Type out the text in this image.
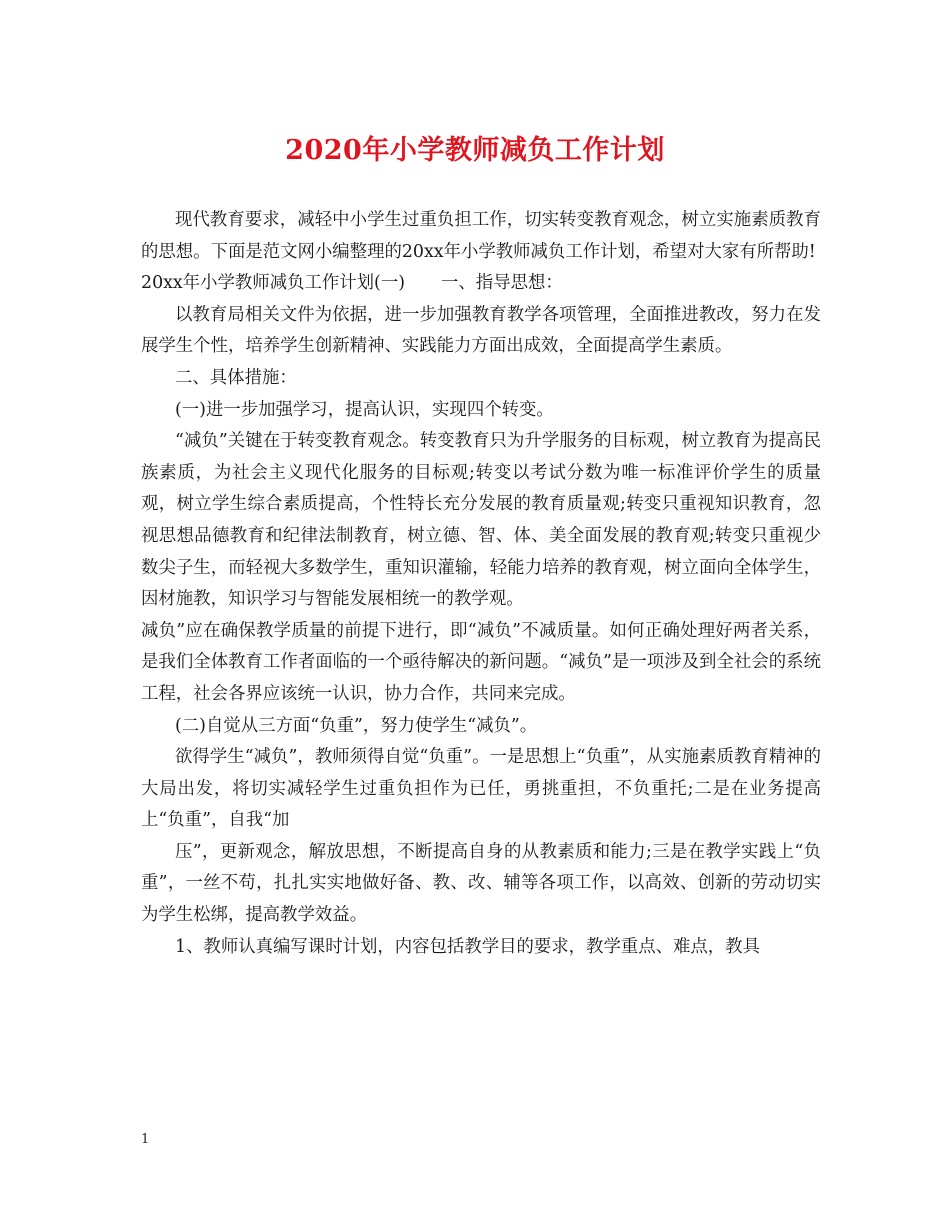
2020年小学教师减负工作计划

现代教育要求，减轻中小学生过重负担工作，切实转变教育观念，树立实施素质教育的思想。下面是范文网小编整理的20xx年小学教师减负工作计划，希望对大家有所帮助!

20xx年小学教师减负工作计划(一) 一、指导思想：

以教育局相关文件为依据，进一步加强教育教学各项管理，全面推进教改，努力在发展学生个性，培养学生创新精神、实践能力方面出成效，全面提高学生素质。

二、具体措施：

(一)进一步加强学习，提高认识，实现四个转变。

“减负”关键在于转变教育观念。转变教育只为升学服务的目标观，树立教育为提高民族素质，为社会主义现代化服务的目标观;转变以考试分数为唯一标准评价学生的质量观，树立学生综合素质提高，个性特长充分发展的教育质量观;转变只重视知识教育，忽视思想品德教育和纪律法制教育，树立德、智、体、美全面发展的教育观;转变只重视少数尖子生，而轻视大多数学生，重知识灌输，轻能力培养的教育观，树立面向全体学生，因材施教，知识学习与智能发展相统一的教学观。

减负”应在确保教学质量的前提下进行，即“减负”不减质量。如何正确处理好两者关系，是我们全体教育工作者面临的一个亟待解决的新问题。“减负”是一项涉及到全社会的系统工程，社会各界应该统一认识，协力合作，共同来完成。

(二)自觉从三方面“负重”，努力使学生“减负”。

欲得学生“减负”，教师须得自觉“负重”。一是思想上“负重”，从实施素质教育精神的大局出发，将切实减轻学生过重负担作为已任，勇挑重担，不负重托;二是在业务提高上“负重”，自我“加

压”，更新观念，解放思想，不断提高自身的从教素质和能力;三是在教学实践上“负重”，一丝不苟，扎扎实实地做好备、教、改、辅等各项工作，以高效、创新的劳动切实为学生松绑，提高教学效益。

1、教师认真编写课时计划，内容包括教学目的要求，教学重点、难点，教具

1
